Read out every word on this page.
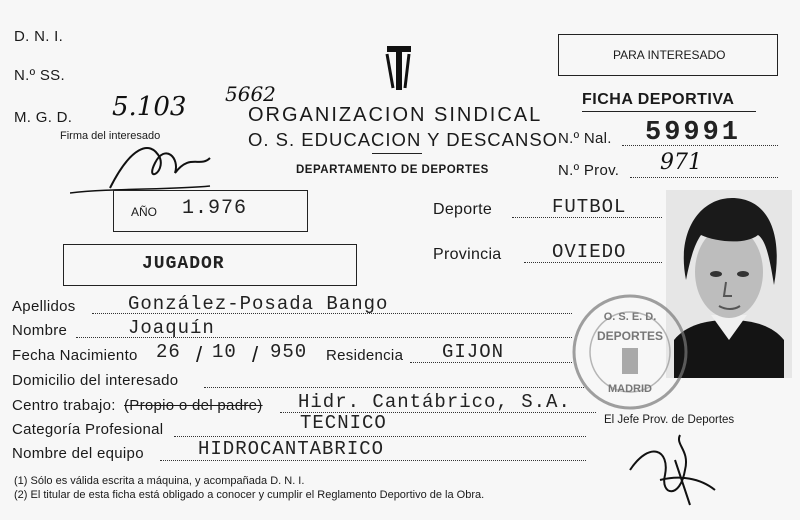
D. N. I.
N.º SS.
M. G. D. 5.103 5662
Firma del interesado
ORGANIZACION SINDICAL
O. S. EDUCACION Y DESCANSO
DEPARTAMENTO DE DEPORTES
PARA INTERESADO
FICHA DEPORTIVA
N.º Nal. 59991
N.º Prov. 971
AÑO 1.976	Deporte	FUTBOL
Provincia	OVIEDO
JUGADOR
Apellidos	González-Posada Bango
Nombre	Joaquín
Fecha Nacimiento 26 / 10 / 950 Residencia GIJON
Domicilio del interesado
Centro trabajo: (Propio o del padre) Hidr. Cantábrico, S.A.
Categoría Profesional	TECNICO
Nombre del equipo	HIDROCANTABRICO
O. S. E. D.
DEPORTES
MADRID
El Jefe Prov. de Deportes
(1) Sólo es válida escrita a máquina, y acompañada D. N. I.
(2) El titular de esta ficha está obligado a conocer y cumplir el Reglamento Deportivo de la Obra.
